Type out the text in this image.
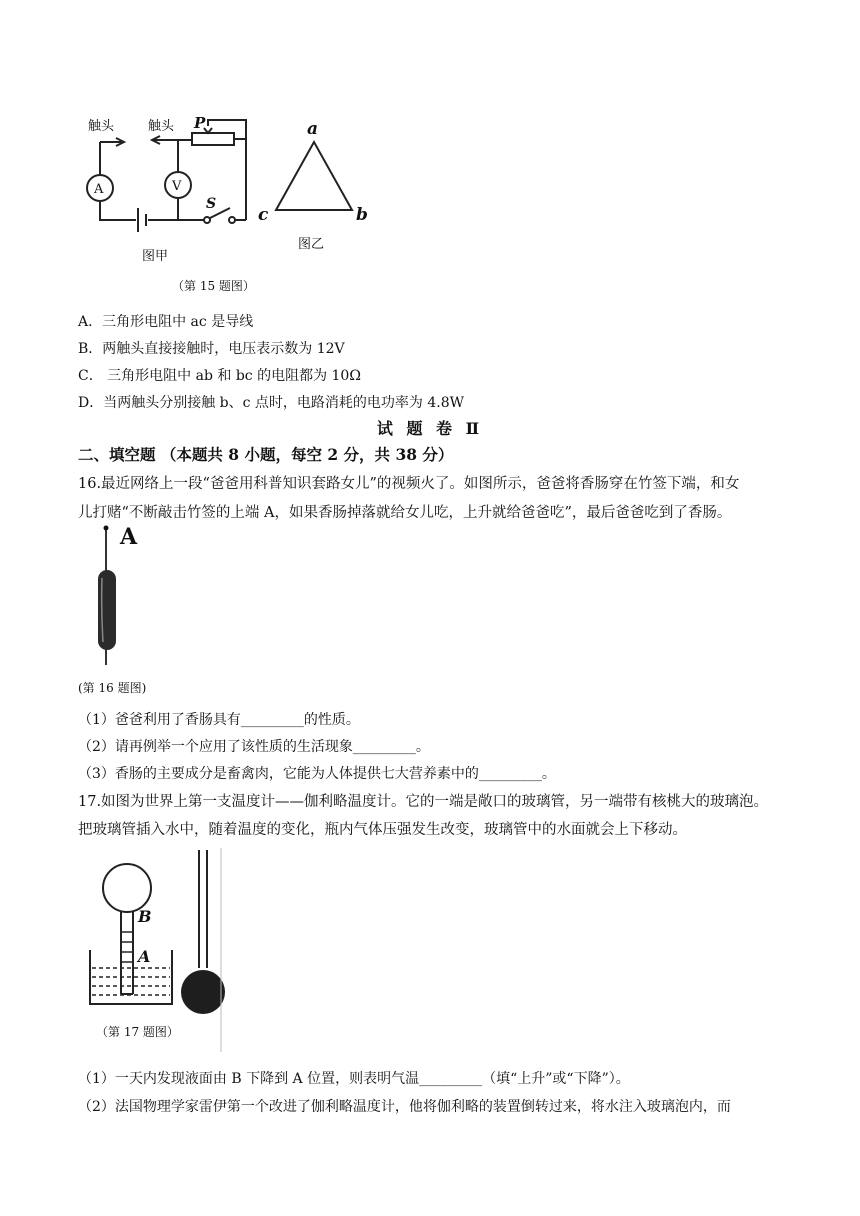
触头	触头 P
A	V
S
图甲
a
b
c
图乙
（第 15 题图）
A．三角形电阻中 ac 是导线
B．两触头直接接触时，电压表示数为 12V
C． 三角形电阻中 ab 和 bc 的电阻都为 10Ω
D．当两触头分别接触 b、c 点时，电路消耗的电功率为 4.8W
试 题 卷 Ⅱ
二、填空题 （本题共 8 小题，每空 2 分，共 38 分）
16.最近网络上一段“爸爸用科普知识套路女儿”的视频火了。如图所示，爸爸将香肠穿在竹签下端，和女
儿打赌“不断敲击竹签的上端 A，如果香肠掉落就给女儿吃，上升就给爸爸吃”，最后爸爸吃到了香肠。
A
(第 16 题图)
（1）爸爸利用了香肠具有_________的性质。
（2）请再例举一个应用了该性质的生活现象_________。
（3）香肠的主要成分是畜禽肉，它能为人体提供七大营养素中的_________。
17.如图为世界上第一支温度计——伽利略温度计。它的一端是敞口的玻璃管，另一端带有核桃大的玻璃泡。
把玻璃管插入水中，随着温度的变化，瓶内气体压强发生改变，玻璃管中的水面就会上下移动。
B
A
（第 17 题图）
（1）一天内发现液面由 B 下降到 A 位置，则表明气温_________（填“上升”或“下降”）。
（2）法国物理学家雷伊第一个改进了伽利略温度计，他将伽利略的装置倒转过来，将水注入玻璃泡内，而
